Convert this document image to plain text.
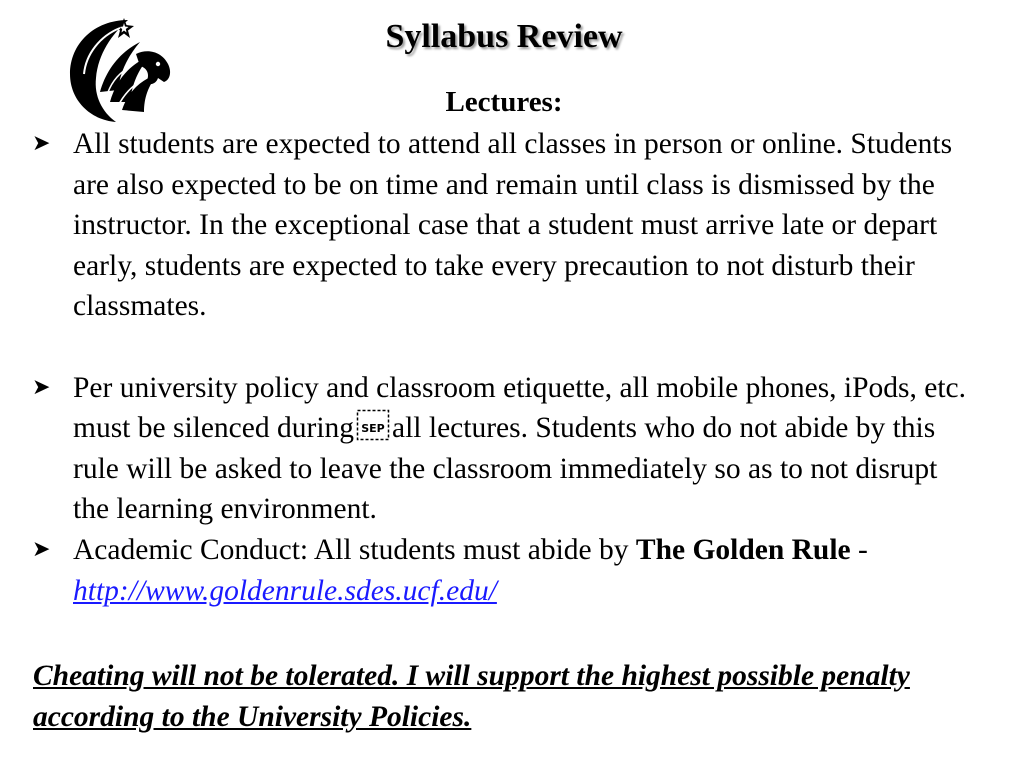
Syllabus Review
Lectures:
➤ All students are expected to attend all classes in person or online. Students are also expected to be on time and remain until class is dismissed by the instructor. In the exceptional case that a student must arrive late or depart early, students are expected to take every precaution to not disturb their classmates.
➤ Per university policy and classroom etiquette, all mobile phones, iPods, etc. must be silenced during SEP all lectures. Students who do not abide by this rule will be asked to leave the classroom immediately so as to not disrupt the learning environment.
➤ Academic Conduct: All students must abide by The Golden Rule - http://www.goldenrule.sdes.ucf.edu/

Cheating will not be tolerated. I will support the highest possible penalty according to the University Policies.
